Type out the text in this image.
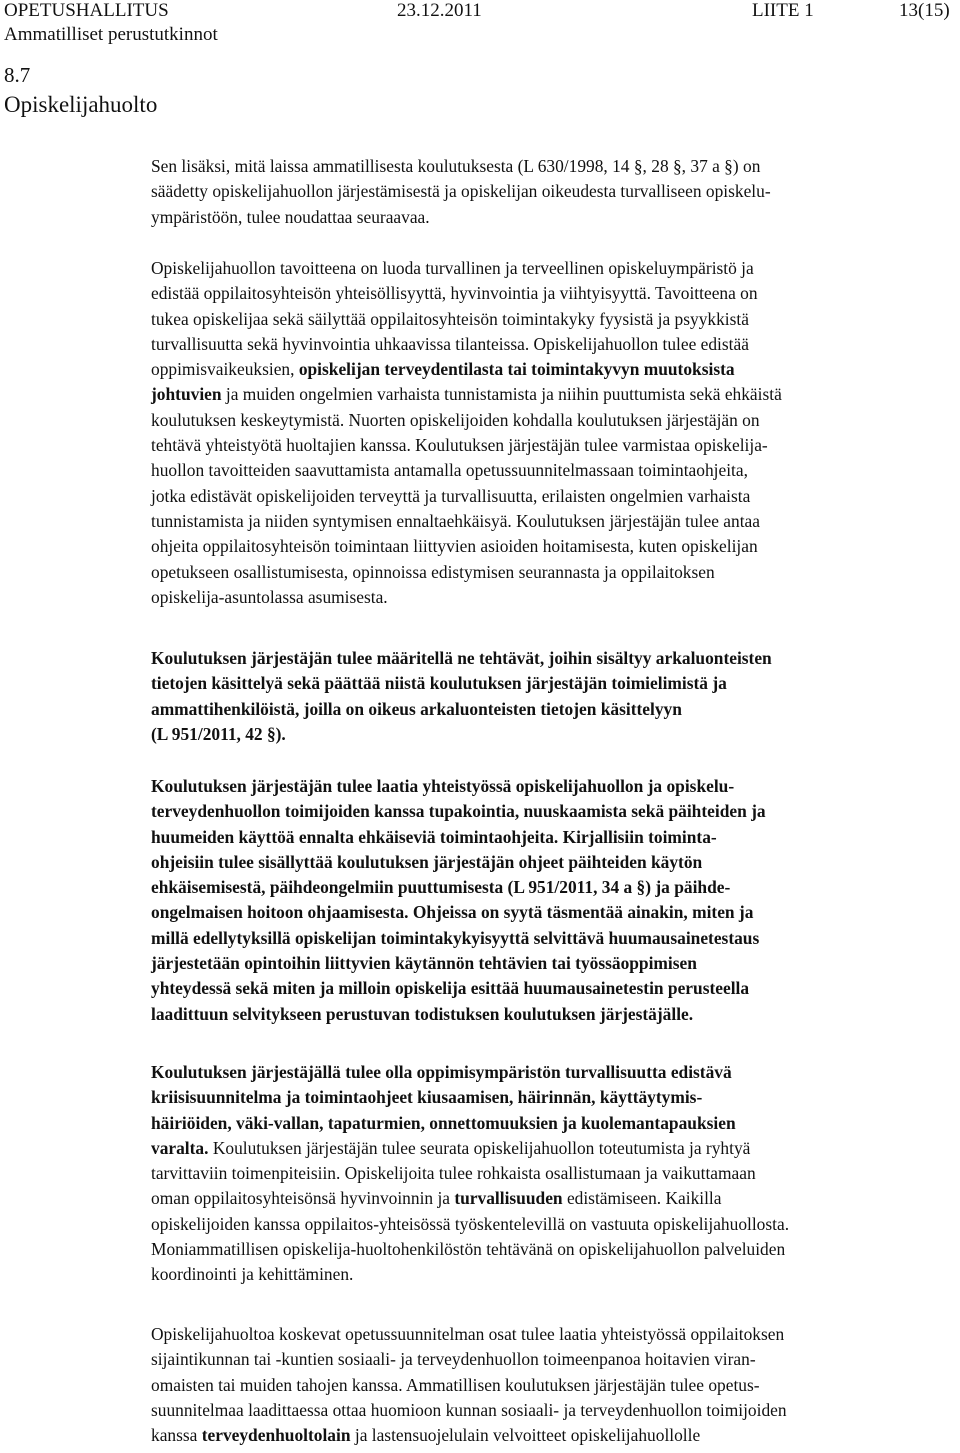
OPETUSHALLITUS	23.12.2011	LIITE 1	13(15)
Ammatilliset perustutkinnot
8.7
Opiskelijahuolto

Sen lisäksi, mitä laissa ammatillisesta koulutuksesta (L 630/1998, 14 §, 28 §, 37 a §) on

säädetty opiskelijahuollon järjestämisestä ja opiskelijan oikeudesta turvalliseen opiskelu-

ympäristöön, tulee noudattaa seuraavaa.

Opiskelijahuollon tavoitteena on luoda turvallinen ja terveellinen opiskeluympäristö ja

edistää oppilaitosyhteisön yhteisöllisyyttä, hyvinvointia ja viihtyisyyttä. Tavoitteena on

tukea opiskelijaa sekä säilyttää oppilaitosyhteisön toimintakyky fyysistä ja psyykkistä

turvallisuutta sekä hyvinvointia uhkaavissa tilanteissa. Opiskelijahuollon tulee edistää

oppimisvaikeuksien, opiskelijan terveydentilasta tai toimintakyvyn muutoksista

johtuvien ja muiden ongelmien varhaista tunnistamista ja niihin puuttumista sekä ehkäistä

koulutuksen keskeytymistä. Nuorten opiskelijoiden kohdalla koulutuksen järjestäjän on

tehtävä yhteistyötä huoltajien kanssa. Koulutuksen järjestäjän tulee varmistaa opiskelija-

huollon tavoitteiden saavuttamista antamalla opetussuunnitelmassaan toimintaohjeita,

jotka edistävät opiskelijoiden terveyttä ja turvallisuutta, erilaisten ongelmien varhaista

tunnistamista ja niiden syntymisen ennaltaehkäisyä. Koulutuksen järjestäjän tulee antaa

ohjeita oppilaitosyhteisön toimintaan liittyvien asioiden hoitamisesta, kuten opiskelijan

opetukseen osallistumisesta, opinnoissa edistymisen seurannasta ja oppilaitoksen

opiskelija-asuntolassa asumisesta.

Koulutuksen järjestäjän tulee määritellä ne tehtävät, joihin sisältyy arkaluonteisten

tietojen käsittelyä sekä päättää niistä koulutuksen järjestäjän toimielimistä ja

ammattihenkilöistä, joilla on oikeus arkaluonteisten tietojen käsittelyyn

(L 951/2011, 42 §).

Koulutuksen järjestäjän tulee laatia yhteistyössä opiskelijahuollon ja opiskelu-

terveydenhuollon toimijoiden kanssa tupakointia, nuuskaamista sekä päihteiden ja

huumeiden käyttöä ennalta ehkäiseviä toimintaohjeita. Kirjallisiin toiminta-

ohjeisiin tulee sisällyttää koulutuksen järjestäjän ohjeet päihteiden käytön

ehkäisemisestä, päihdeongelmiin puuttumisesta (L 951/2011, 34 a §) ja päihde-

ongelmaisen hoitoon ohjaamisesta. Ohjeissa on syytä täsmentää ainakin, miten ja

millä edellytyksillä opiskelijan toimintakykyisyyttä selvittävä huumausainetestaus

järjestetään opintoihin liittyvien käytännön tehtävien tai työssäoppimisen

yhteydessä sekä miten ja milloin opiskelija esittää huumausainetestin perusteella

laadittuun selvitykseen perustuvan todistuksen koulutuksen järjestäjälle.

Koulutuksen järjestäjällä tulee olla oppimisympäristön turvallisuutta edistävä

kriisisuunnitelma ja toimintaohjeet kiusaamisen, häirinnän, käyttäytymis-

häiriöiden, väki-vallan, tapaturmien, onnettomuuksien ja kuolemantapauksien

varalta. Koulutuksen järjestäjän tulee seurata opiskelijahuollon toteutumista ja ryhtyä

tarvittaviin toimenpiteisiin. Opiskelijoita tulee rohkaista osallistumaan ja vaikuttamaan

oman oppilaitosyhteisönsä hyvinvoinnin ja turvallisuuden edistämiseen. Kaikilla

opiskelijoiden kanssa oppilaitos-yhteisössä työskentelevillä on vastuuta opiskelijahuollosta.

Moniammatillisen opiskelija-huoltohenkilöstön tehtävänä on opiskelijahuollon palveluiden

koordinointi ja kehittäminen.

Opiskelijahuoltoa koskevat opetussuunnitelman osat tulee laatia yhteistyössä oppilaitoksen

sijaintikunnan tai -kuntien sosiaali- ja terveydenhuollon toimeenpanoa hoitavien viran-

omaisten tai muiden tahojen kanssa. Ammatillisen koulutuksen järjestäjän tulee opetus-

suunnitelmaa laadittaessa ottaa huomioon kunnan sosiaali- ja terveydenhuollon toimijoiden

kanssa terveydenhuoltolain ja lastensuojelulain velvoitteet opiskelijahuollolle
